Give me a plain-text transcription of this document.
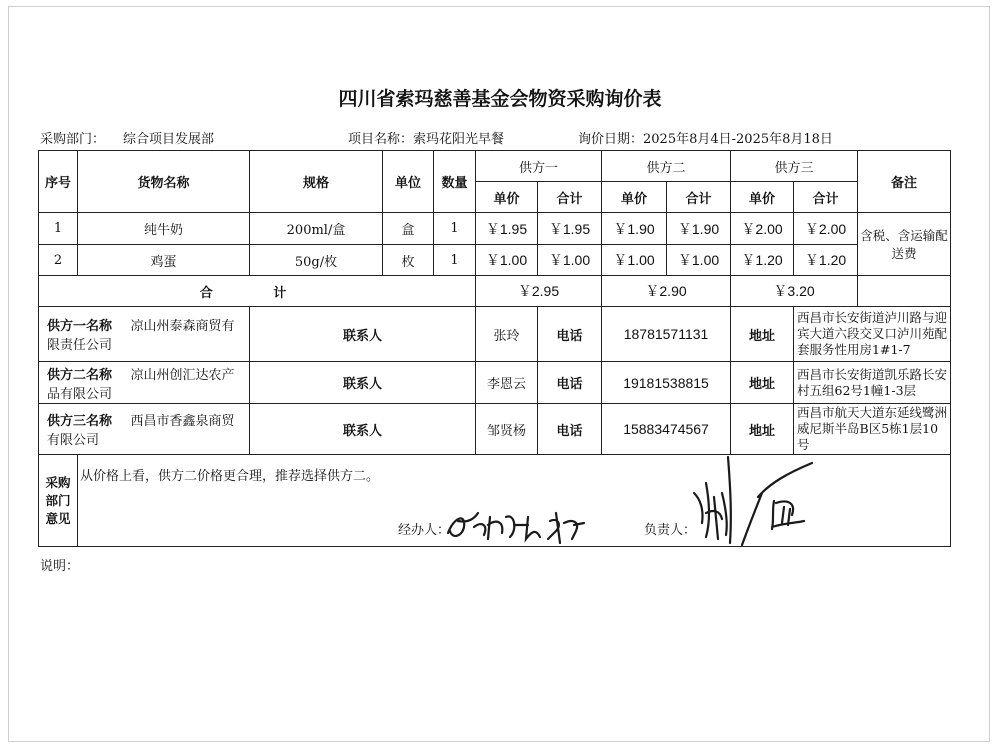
四川省索玛慈善基金会物资采购询价表
采购部门： 综合项目发展部	项目名称：索玛花阳光早餐	询价日期：2025年8月4日-2025年8月18日
序号	货物名称	规格	单位	数量	供方一		供方二		供方三		备注
					单价	合计	单价	合计	单价	合计	
1	纯牛奶	200ml/盒	盒	1	￥1.95	￥1.95	￥1.90	￥1.90	￥2.00	￥2.00	含税、含运输配送费
2	鸡蛋	50g/枚	枚	1	￥1.00	￥1.00	￥1.00	￥1.00	￥1.20	￥1.20	
合 计					￥2.95		￥2.90		￥3.20		
供方一名称 凉山州泰森商贸有限责任公司		联系人			张玲	电话	18781571131		地址	西昌市长安街道泸川路与迎宾大道六段交叉口泸川苑配套服务性用房1#1-7	
供方二名称 凉山州创汇达农产品有限公司		联系人			李恩云	电话	19181538815		地址	西昌市长安街道凯乐路长安村五组62号1幢1-3层	
供方三名称 西昌市香鑫泉商贸有限公司		联系人			邹贤杨	电话	15883474567		地址	西昌市航天大道东延线鹭洲威尼斯半岛B区5栋1层10号	
采购部门意见	从价格上看，供方二价格更合理，推荐选择供方二。
经办人： 负责人：										
说明：
